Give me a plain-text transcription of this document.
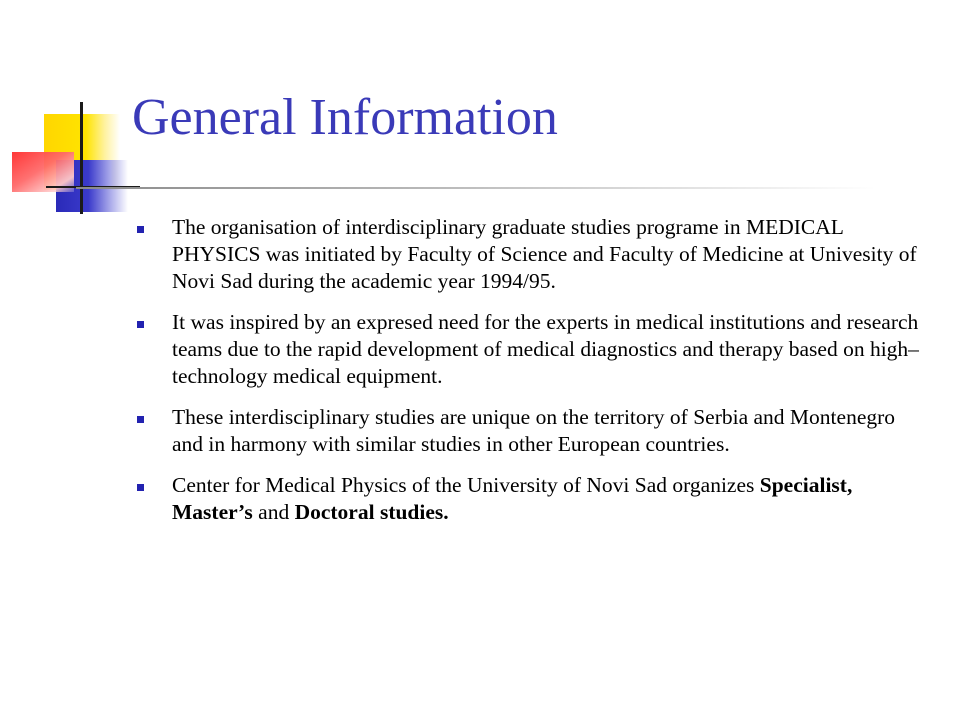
General Information
The organisation of interdisciplinary graduate studies programe in MEDICAL PHYSICS was initiated by Faculty of Science and Faculty of Medicine at Univesity of Novi Sad during the academic year 1994/95.
It was inspired by an expresed need for the experts in medical institutions and research teams due to the rapid development of medical diagnostics and therapy based on high–technology medical equipment.
These interdisciplinary studies are unique on the territory of Serbia and Montenegro and in harmony with similar studies in other European countries.
Center for Medical Physics of the University of Novi Sad organizes Specialist, Master’s and Doctoral studies.
